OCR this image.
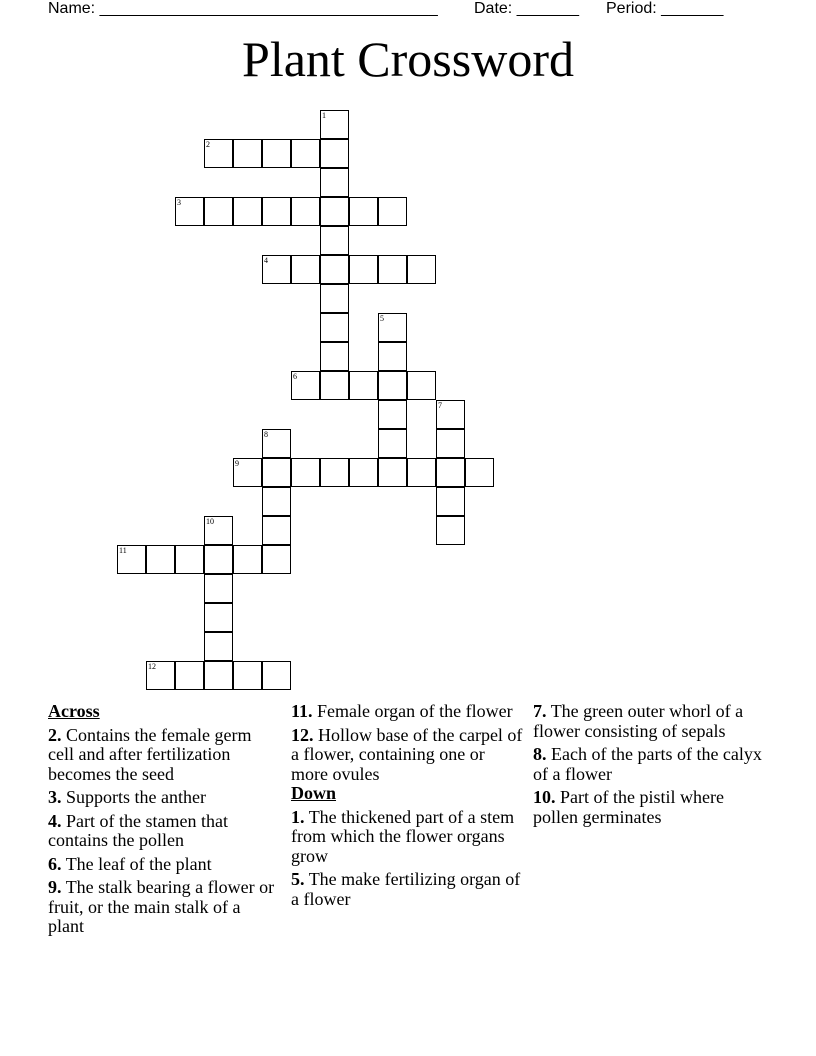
Name: ______________________________________ Date: _______ Period: _______
Plant Crossword
1
2
3
4
5
6
7
8
9
10
11
12

Across

2. Contains the female germ cell and after fertilization becomes the seed

3. Supports the anther

4. Part of the stamen that contains the pollen

6. The leaf of the plant

9. The stalk bearing a flower or fruit, or the main stalk of a plant

11. Female organ of the flower

12. Hollow base of the carpel of a flower, containing one or more ovules

Down

1. The thickened part of a stem from which the flower organs grow

5. The make fertilizing organ of a flower

7. The green outer whorl of a flower consisting of sepals

8. Each of the parts of the calyx of a flower

10. Part of the pistil where pollen germinates
